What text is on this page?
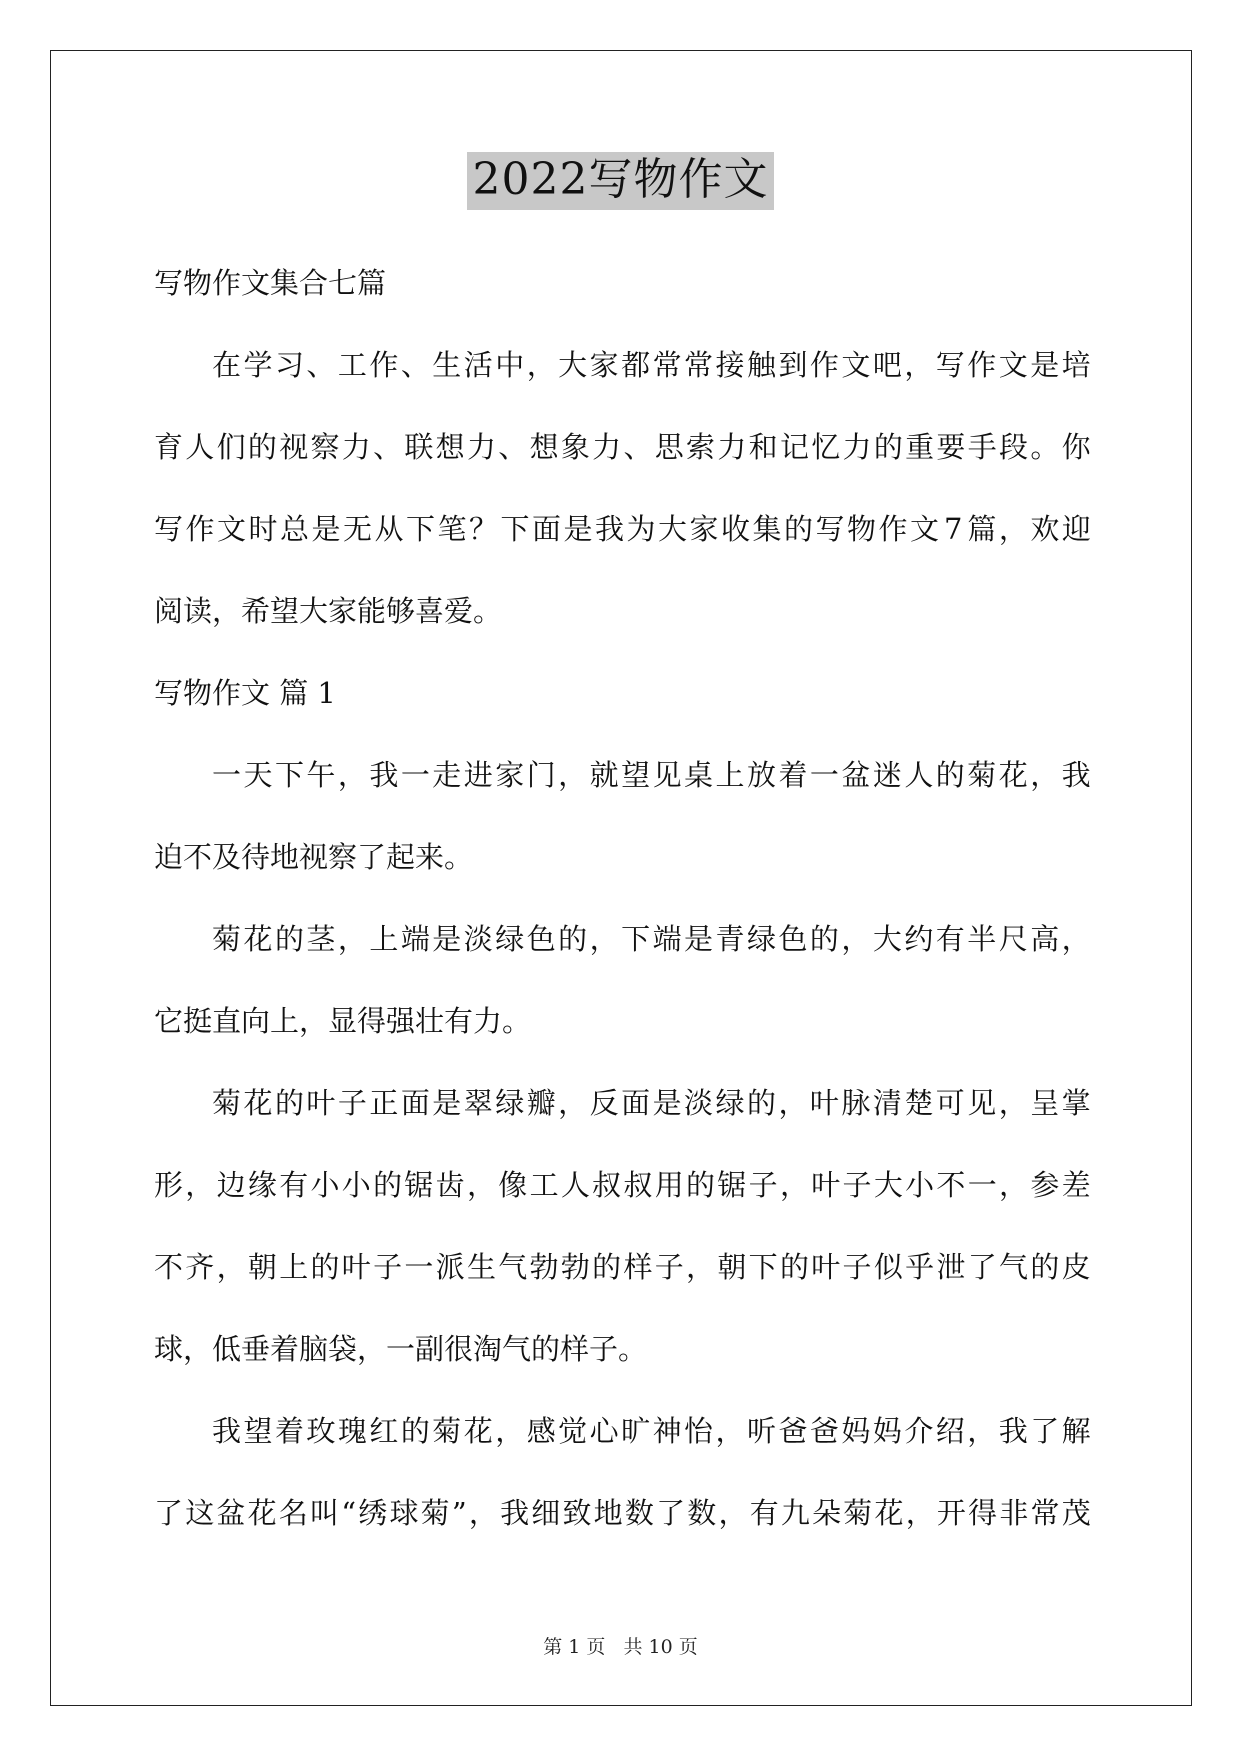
2022写物作文

写物作文集合七篇

在 学 习 、 工 作 、 生 活 中 ， 大 家 都 常 常 接 触 到 作 文 吧 ， 写 作 文 是 培

育 人 们 的 视 察 力 、 联 想 力 、 想 象 力 、 思 索 力 和 记 忆 力 的 重 要 手 段 。 你

写 作 文 时 总 是 无 从 下 笔 ？ 下 面 是 我 为 大 家 收 集 的 写 物 作 文 7 篇 ， 欢 迎

阅读，希望大家能够喜爱。

写物作文 篇 1

一 天 下 午 ， 我 一 走 进 家 门 ， 就 望 见 桌 上 放 着 一 盆 迷 人 的 菊 花 ， 我

迫不及待地视察了起来。

菊 花 的 茎 ， 上 端 是 淡 绿 色 的 ， 下 端 是 青 绿 色 的 ， 大 约 有 半 尺 高 ，

它挺直向上，显得强壮有力。

菊 花 的 叶 子 正 面 是 翠 绿 瓣 ， 反 面 是 淡 绿 的 ， 叶 脉 清 楚 可 见 ， 呈 掌

形 ， 边 缘 有 小 小 的 锯 齿 ， 像 工 人 叔 叔 用 的 锯 子 ， 叶 子 大 小 不 一 ， 参 差

不 齐 ， 朝 上 的 叶 子 一 派 生 气 勃 勃 的 样 子 ， 朝 下 的 叶 子 似 乎 泄 了 气 的 皮

球，低垂着脑袋，一副很淘气的样子。

我 望 着 玫 瑰 红 的 菊 花 ， 感 觉 心 旷 神 怡 ， 听 爸 爸 妈 妈 介 绍 ， 我 了 解

了 这 盆 花 名 叫 “ 绣 球 菊 ” ， 我 细 致 地 数 了 数 ， 有 九 朵 菊 花 ， 开 得 非 常 茂

第 1 页 共 10 页
